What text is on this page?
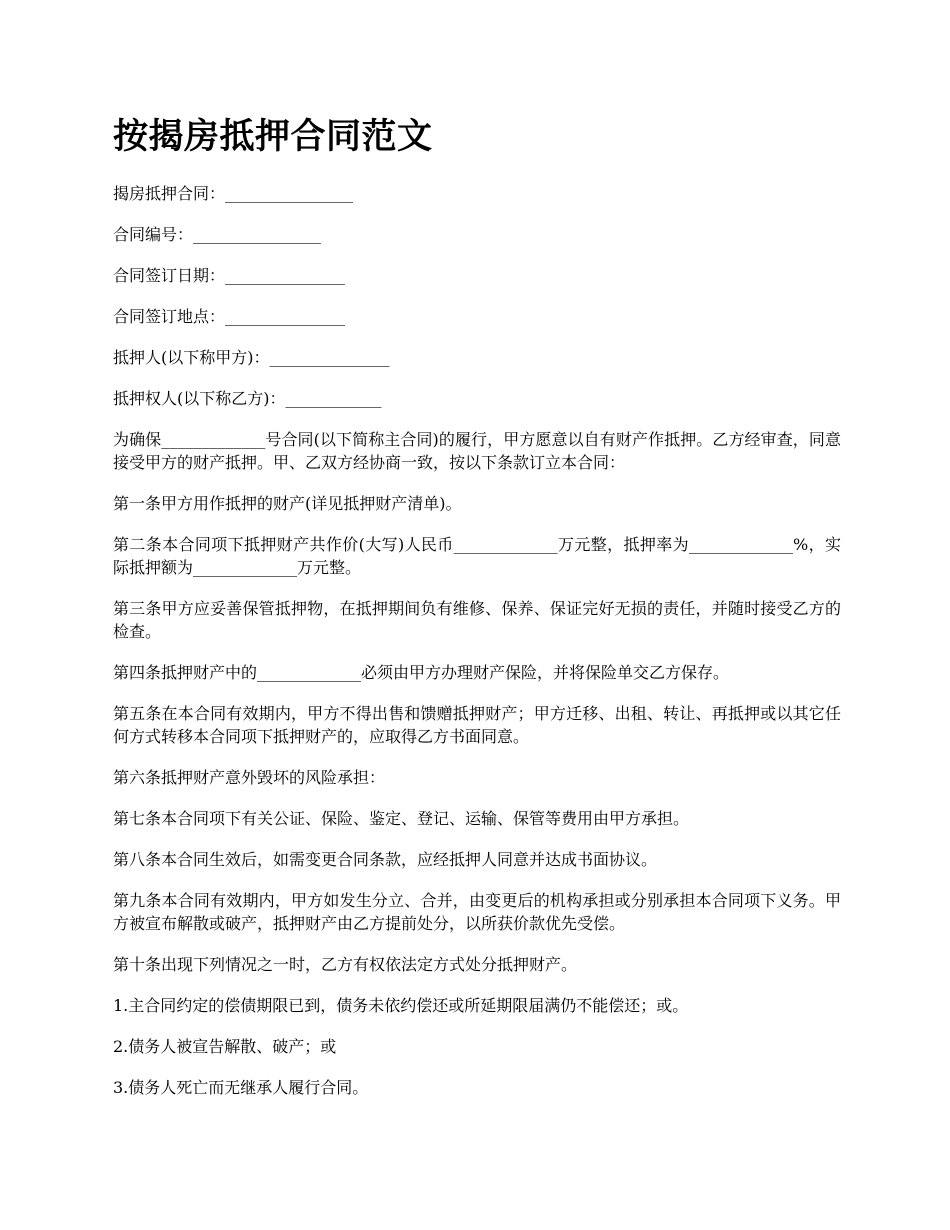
按揭房抵押合同范文

揭房抵押合同：________________

合同编号：________________

合同签订日期：_______________

合同签订地点：_______________

抵押人(以下称甲方)：_______________

抵押权人(以下称乙方)：____________

为确保_____________号合同(以下简称主合同)的履行，甲方愿意以自有财产作抵押。乙方经审查，同意接受甲方的财产抵押。甲、乙双方经协商一致，按以下条款订立本合同：

第一条甲方用作抵押的财产(详见抵押财产清单)。

第二条本合同项下抵押财产共作价(大写)人民币_____________万元整，抵押率为_____________%，实际抵押额为_____________万元整。

第三条甲方应妥善保管抵押物，在抵押期间负有维修、保养、保证完好无损的责任，并随时接受乙方的检查。

第四条抵押财产中的_____________必须由甲方办理财产保险，并将保险单交乙方保存。

第五条在本合同有效期内，甲方不得出售和馈赠抵押财产；甲方迁移、出租、转让、再抵押或以其它任何方式转移本合同项下抵押财产的，应取得乙方书面同意。

第六条抵押财产意外毁坏的风险承担：

第七条本合同项下有关公证、保险、鉴定、登记、运输、保管等费用由甲方承担。

第八条本合同生效后，如需变更合同条款，应经抵押人同意并达成书面协议。

第九条本合同有效期内，甲方如发生分立、合并，由变更后的机构承担或分别承担本合同项下义务。甲方被宣布解散或破产，抵押财产由乙方提前处分，以所获价款优先受偿。

第十条出现下列情况之一时，乙方有权依法定方式处分抵押财产。

1.主合同约定的偿债期限已到，债务未依约偿还或所延期限届满仍不能偿还；或。

2.债务人被宣告解散、破产；或

3.债务人死亡而无继承人履行合同。
